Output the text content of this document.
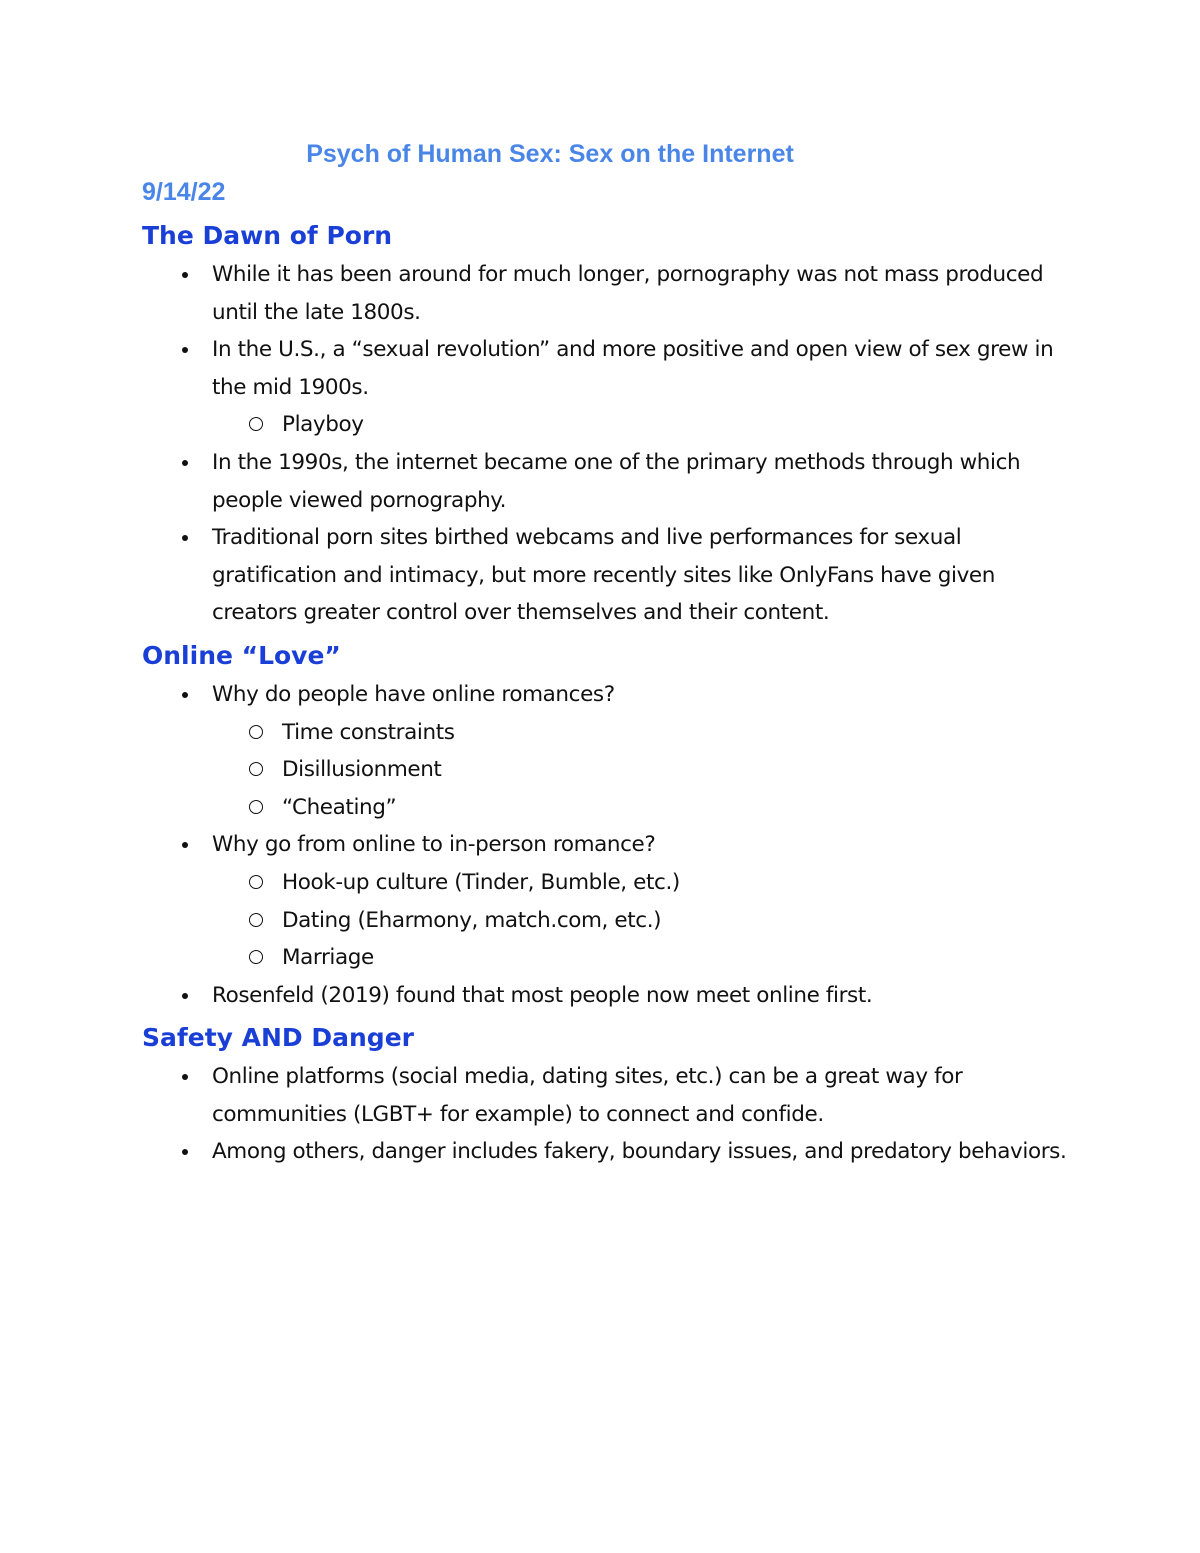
Psych of Human Sex: Sex on the Internet
9/14/22
The Dawn of Porn
While it has been around for much longer, pornography was not mass produced until the late 1800s.
In the U.S., a “sexual revolution” and more positive and open view of sex grew in the mid 1900s.
Playboy
In the 1990s, the internet became one of the primary methods through which people viewed pornography.
Traditional porn sites birthed webcams and live performances for sexual gratification and intimacy, but more recently sites like OnlyFans have given creators greater control over themselves and their content.
Online “Love”
Why do people have online romances?
Time constraints
Disillusionment
“Cheating”
Why go from online to in-person romance?
Hook-up culture (Tinder, Bumble, etc.)
Dating (Eharmony, match.com, etc.)
Marriage
Rosenfeld (2019) found that most people now meet online first.
Safety AND Danger
Online platforms (social media, dating sites, etc.) can be a great way for communities (LGBT+ for example) to connect and confide.
Among others, danger includes fakery, boundary issues, and predatory behaviors.
